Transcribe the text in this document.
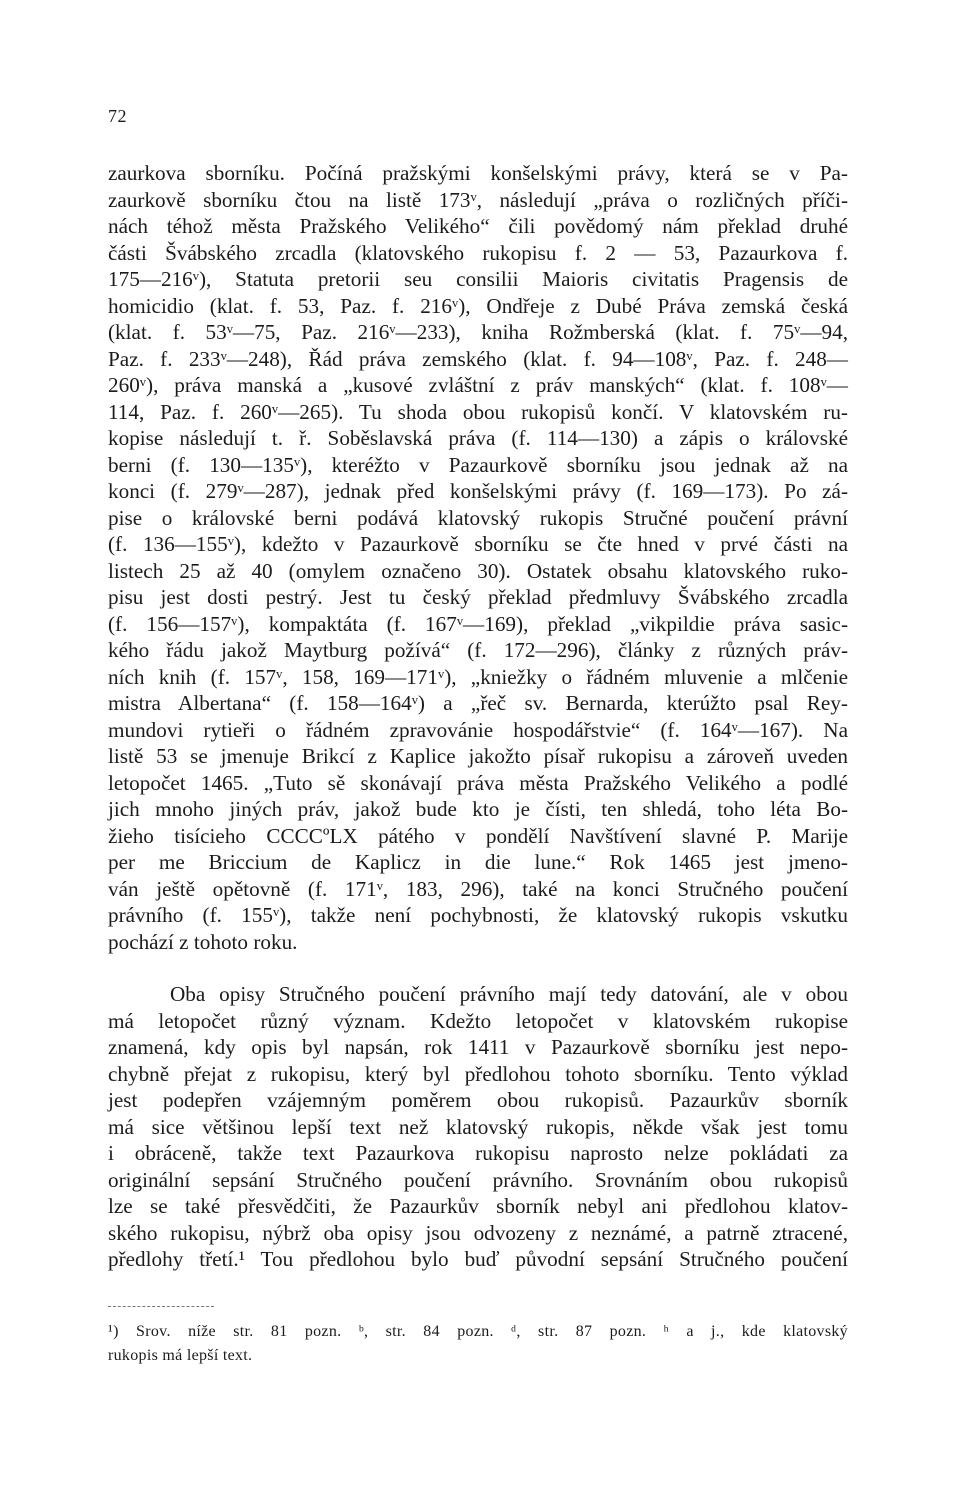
72
zaurkova sborníku. Počíná pražskými konšelskými právy, která se v Pa-
zaurkově sborníku čtou na listě 173ᵛ, následují „práva o rozličných příči-
nách téhož města Pražského Velikého“ čili povědomý nám překlad druhé
části Švábského zrcadla (klatovského rukopisu f. 2 — 53, Pazaurkova f.
175—216ᵛ), Statuta pretorii seu consilii Maioris civitatis Pragensis de
homicidio (klat. f. 53, Paz. f. 216ᵛ), Ondřeje z Dubé Práva zemská česká
(klat. f. 53ᵛ—75, Paz. 216ᵛ—233), kniha Rožmberská (klat. f. 75ᵛ—94,
Paz. f. 233ᵛ—248), Řád práva zemského (klat. f. 94—108ᵛ, Paz. f. 248—
260ᵛ), práva manská a „kusové zvláštní z práv manských“ (klat. f. 108ᵛ—
114, Paz. f. 260ᵛ—265). Tu shoda obou rukopisů končí. V klatovském ru-
kopise následují t. ř. Soběslavská práva (f. 114—130) a zápis o královské
berni (f. 130—135ᵛ), kteréžto v Pazaurkově sborníku jsou jednak až na
konci (f. 279ᵛ—287), jednak před konšelskými právy (f. 169—173). Po zá-
pise o královské berni podává klatovský rukopis Stručné poučení právní
(f. 136—155ᵛ), kdežto v Pazaurkově sborníku se čte hned v prvé části na
listech 25 až 40 (omylem označeno 30). Ostatek obsahu klatovského ruko-
pisu jest dosti pestrý. Jest tu český překlad předmluvy Švábského zrcadla
(f. 156—157ᵛ), kompaktáta (f. 167ᵛ—169), překlad „vikpildie práva sasic-
kého řádu jakož Maytburg požívá“ (f. 172—296), články z různých práv-
ních knih (f. 157ᵛ, 158, 169—171ᵛ), „kniežky o řádném mluvenie a mlčenie
mistra Albertana“ (f. 158—164ᵛ) a „řeč sv. Bernarda, kterúžto psal Rey-
mundovi rytieři o řádném zpravovánie hospodářstvie“ (f. 164ᵛ—167). Na
listě 53 se jmenuje Brikcí z Kaplice jakožto písař rukopisu a zároveň uveden
letopočet 1465. „Tuto sě skonávají práva města Pražského Velikého a podlé
jich mnoho jiných práv, jakož bude kto je čísti, ten shledá, toho léta Bo-
žieho tisícieho CCCCºLX pátého v pondělí Navštívení slavné P. Marije
per me Briccium de Kaplicz in die lune.“ Rok 1465 jest jmeno-
ván ještě opětovně (f. 171ᵛ, 183, 296), také na konci Stručného poučení
právního (f. 155ᵛ), takže není pochybnosti, že klatovský rukopis vskutku
pochází z tohoto roku.
Oba opisy Stručného poučení právního mají tedy datování, ale v obou
má letopočet různý význam. Kdežto letopočet v klatovském rukopise
znamená, kdy opis byl napsán, rok 1411 v Pazaurkově sborníku jest nepo-
chybně přejat z rukopisu, který byl předlohou tohoto sborníku. Tento výklad
jest podepřen vzájemným poměrem obou rukopisů. Pazaurkův sborník
má sice většinou lepší text než klatovský rukopis, někde však jest tomu
i obráceně, takže text Pazaurkova rukopisu naprosto nelze pokládati za
originální sepsání Stručného poučení právního. Srovnáním obou rukopisů
lze se také přesvědčiti, že Pazaurkův sborník nebyl ani předlohou klatov-
ského rukopisu, nýbrž oba opisy jsou odvozeny z neznámé, a patrně ztracené,
předlohy třetí.¹ Tou předlohou bylo buď původní sepsání Stručného poučení
¹) Srov. níže str. 81 pozn. ᵇ, str. 84 pozn. ᵈ, str. 87 pozn. ʰ a j., kde klatovský
rukopis má lepší text.
